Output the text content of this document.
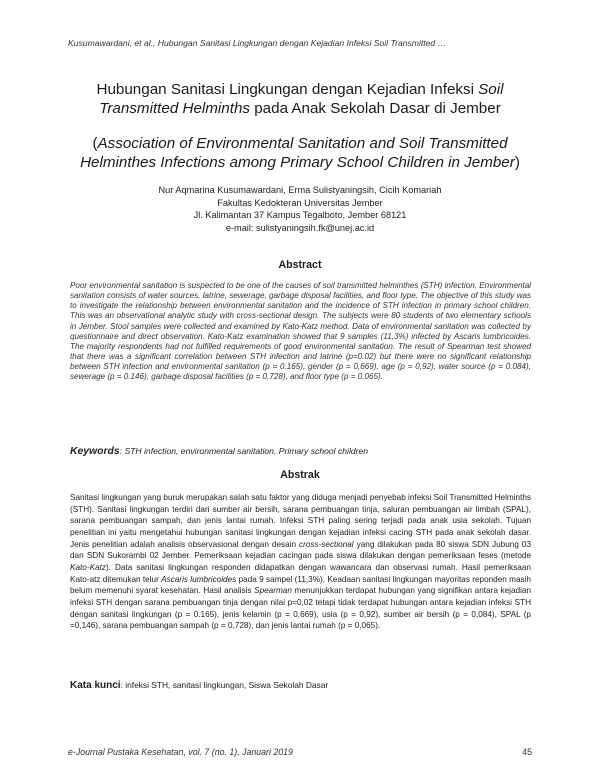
Kusumawardani, et al., Hubungan Sanitasi Lingkungan dengan Kejadian Infeksi Soil Transmitted …
Hubungan Sanitasi Lingkungan dengan Kejadian Infeksi Soil Transmitted Helminths pada Anak Sekolah Dasar di Jember
(Association of Environmental Sanitation and Soil Transmitted Helminthes Infections among Primary School Children in Jember)
Nur Aqmarina Kusumawardani, Erma Sulistyaningsih, Cicih Komariah
Fakultas Kedokteran Universitas Jember
Jl. Kalimantan 37 Kampus Tegalboto, Jember 68121
e-mail: sulistyaningsih.fk@unej.ac.id
Abstract
Poor environmental sanitation is suspected to be one of the causes of soil transmitted helminthes (STH) infection. Environmental sanitation consists of water sources, latrine, sewerage, garbage disposal facilities, and floor type. The objective of this study was to investigate the relationship between environmental sanitation and the incidence of STH infection in primary school children. This was an observational analytic study with cross-sectional design. The subjects were 80 students of two elementary schools in Jember. Stool samples were collected and examined by Kato-Katz method. Data of environmental sanitation was collected by questionnaire and direct observation. Kato-Katz examination showed that 9 samples (11,3%) infected by Ascaris lumbricoides. The majority respondents had not fulfilled requirements of good environmental sanitation. The result of Spearman test showed that there was a significant correlation between STH infection and latrine (p=0.02) but there were no significant relationship between STH infection and environmental sanitation (p = 0.165), gender (p = 0,669), age (p = 0,92), water source (p = 0.084), sewerage (p = 0.146), garbage disposal facilities (p = 0,728), and floor type (p = 0,065).
Keywords: STH infection, environmental sanitation, Primary school children
Abstrak
Sanitasi lingkungan yang buruk merupakan salah satu faktor yang diduga menjadi penyebab infeksi Soil Transmitted Helminths (STH). Sanitasi lingkungan terdiri dari sumber air bersih, sarana pembuangan tinja, saluran pembuangan air limbah (SPAL), sarana pembuangan sampah, dan jenis lantai rumah. Infeksi STH paling sering terjadi pada anak usia sekolah. Tujuan penelitian ini yaitu mengetahui hubungan sanitasi lingkungan dengan kejadian infeksi cacing STH pada anak sekolah dasar. Jenis penelitian adalah analisis observasional dengan desain cross-sectional yang dilakukan pada 80 siswa SDN Jubung 03 dan SDN Sukorambi 02 Jember. Pemeriksaan kejadian cacingan pada siswa dilakukan dengan pemeriksaan feses (metode Kato-Katz). Data sanitasi lingkungan responden didapatkan dengan wawancara dan observasi rumah. Hasil pemeriksaan Kato-atz ditemukan telur Ascaris lumbricoides pada 9 sampel (11,3%). Keadaan sanitasi lingkungan mayoritas reponden masih belum memenuhi syarat kesehatan. Hasil analisis Spearman menunjukkan terdapat hubungan yang signifikan antara kejadian infeksi STH dengan sarana pembuangan tinja dengan nilai p=0,02 tetapi tidak terdapat hubungan antara kejadian infeksi STH dengan sanitasi lingkungan (p = 0.165), jenis kelamin (p = 0,669), usia (p = 0,92), sumber air bersih (p = 0,084), SPAL (p =0,146), sarana pembuangan sampah (p = 0,728), dan jenis lantai rumah (p = 0,065).
Kata kunci: infeksi STH, sanitasi lingkungan, Siswa Sekolah Dasar
e-Journal Pustaka Kesehatan, vol. 7 (no. 1), Januari 2019	45
